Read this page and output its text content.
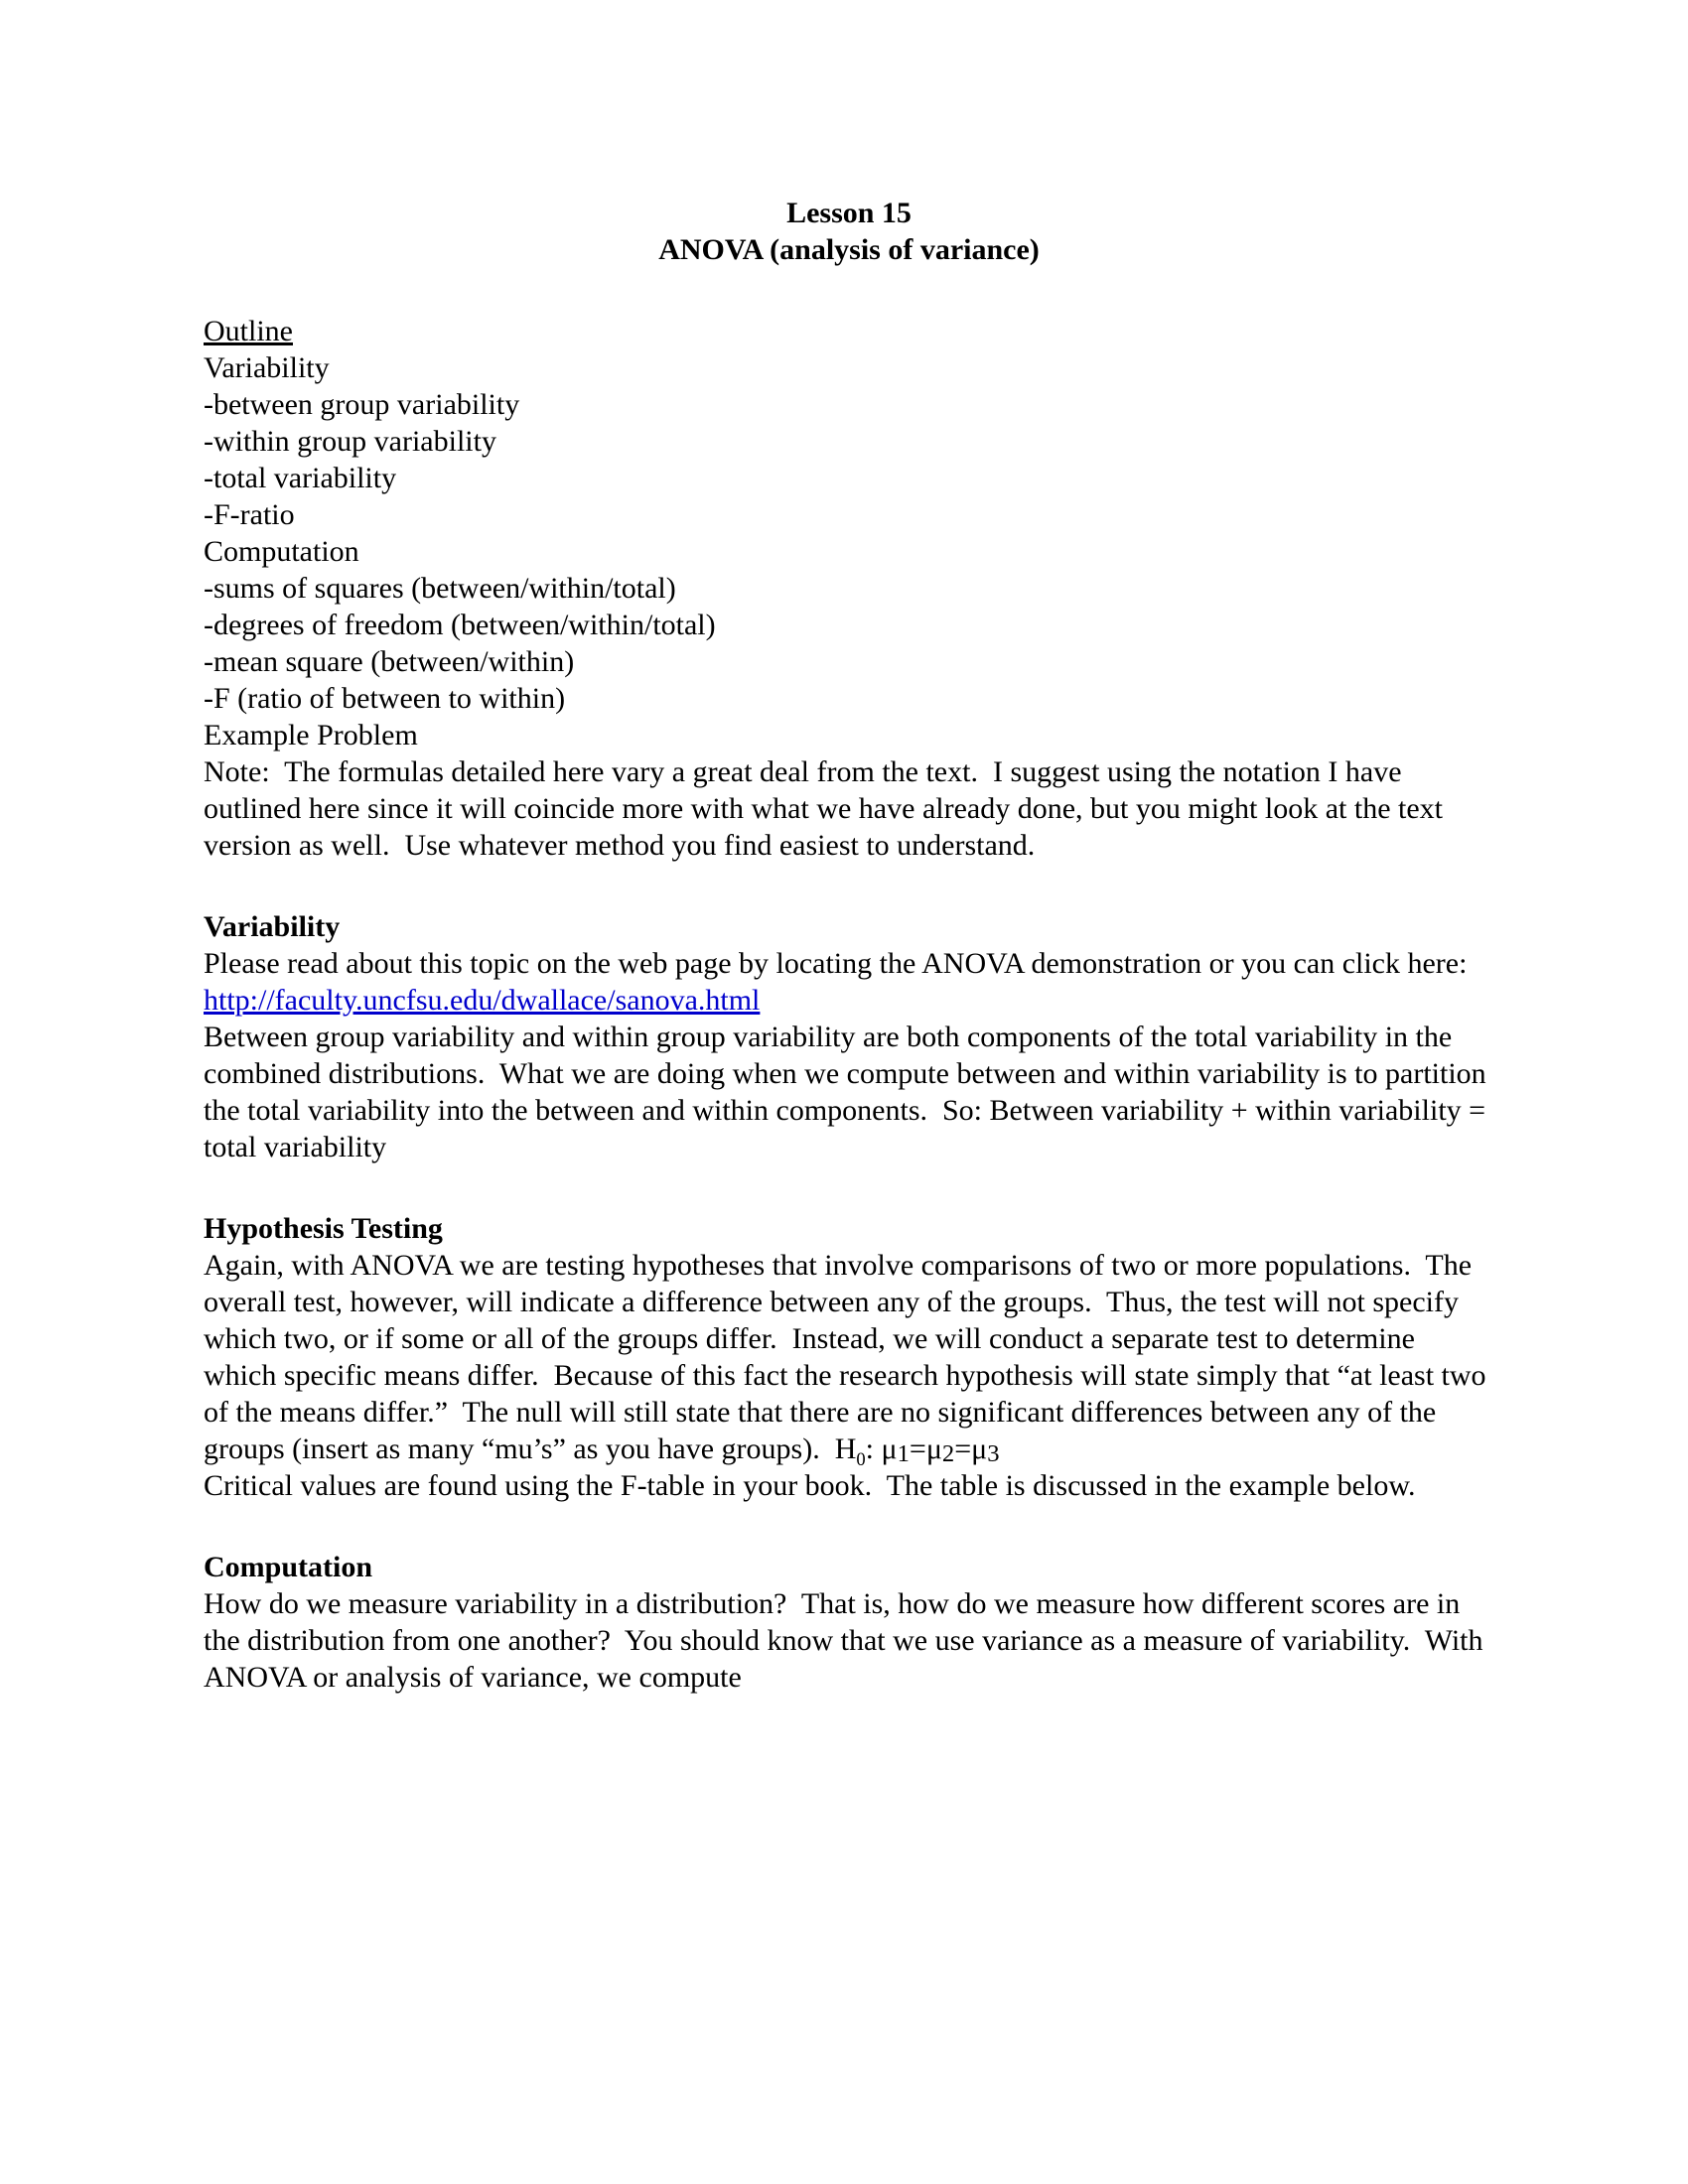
Lesson 15
ANOVA (analysis of variance)
Outline
Variability
-between group variability
-within group variability
-total variability
-F-ratio
Computation
-sums of squares (between/within/total)
-degrees of freedom (between/within/total)
-mean square (between/within)
-F (ratio of between to within)
Example Problem

Note:  The formulas detailed here vary a great deal from the text.  I suggest using the notation I have outlined here since it will coincide more with what we have already done, but you might look at the text version as well.  Use whatever method you find easiest to understand.

Variability

Please read about this topic on the web page by locating the ANOVA demonstration or you can click here: http://faculty.uncfsu.edu/dwallace/sanova.html

Between group variability and within group variability are both components of the total variability in the combined distributions.  What we are doing when we compute between and within variability is to partition the total variability into the between and within components.  So: Between variability + within variability = total variability

Hypothesis Testing

Again, with ANOVA we are testing hypotheses that involve comparisons of two or more populations.  The overall test, however, will indicate a difference between any of the groups.  Thus, the test will not specify which two, or if some or all of the groups differ.  Instead, we will conduct a separate test to determine which specific means differ.  Because of this fact the research hypothesis will state simply that “at least two of the means differ.”  The null will still state that there are no significant differences between any of the groups (insert as many “mu’s” as you have groups).  $H_0$: $\mu_1=\mu_2=\mu_3$

Critical values are found using the F-table in your book.  The table is discussed in the example below.

Computation

How do we measure variability in a distribution?  That is, how do we measure how different scores are in the distribution from one another?  You should know that we use variance as a measure of variability.  With ANOVA or analysis of variance, we compute
